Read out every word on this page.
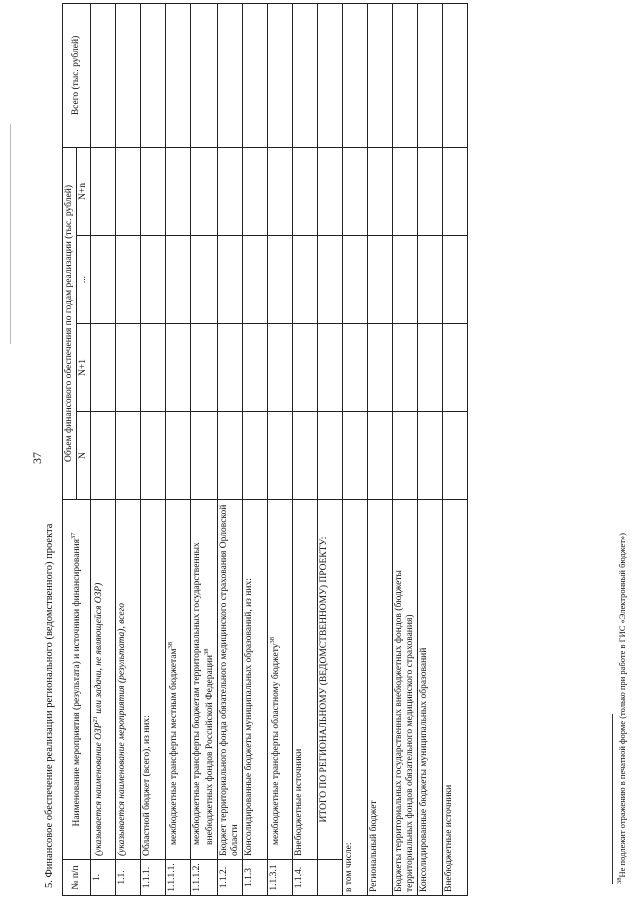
37
5. Финансовое обеспечение реализации регионального (ведомственного) проекта № п/п	Наименование мероприятия (результата) и источники финансирования$^{37}$	Объем финансового обеспечения по годам реализации (тыс. рублей)				Всего (тыс. рублей)
		N	N+1	...	N+n	
1.	(указывается наименование ОЗР$^{21}$ или задачи, не являющейся ОЗР)					
1.1.	(указывается наименование мероприятия (результата), всего					
1.1.1.	Областной бюджет (всего), из них:					
1.1.1.1.	межбюджетные трансферты местным бюджетам$^{38}$					
1.1.1.2.	межбюджетные трансферты бюджетам территориальных государственных внебюджетных фондов Российской Федерации$^{38}$					
1.1.2.	Бюджет территориального фонда обязательного медицинского страхования Орловской области					
1.1.3	Консолидированные бюджеты муниципальных образований, из них:					
1.1.3.1	межбюджетные трансферты областному бюджету$^{38}$					
1.1.4.	Внебюджетные источники					
	ИТОГО ПО РЕГИОНАЛЬНОМУ (ВЕДОМСТВЕННОМУ) ПРОЕКТУ:					
в том числе:						
Региональный бюджет						
Бюджеты территориальных государственных внебюджетных фондов (бюджеты территориальных фондов обязательного медицинского страхования)						
Консолидированные бюджеты муниципальных образований						
Внебюджетные источники							$^{38}$Не подлежит отражению в печатной форме (только при работе в ГИС «Электронный бюджет»)
